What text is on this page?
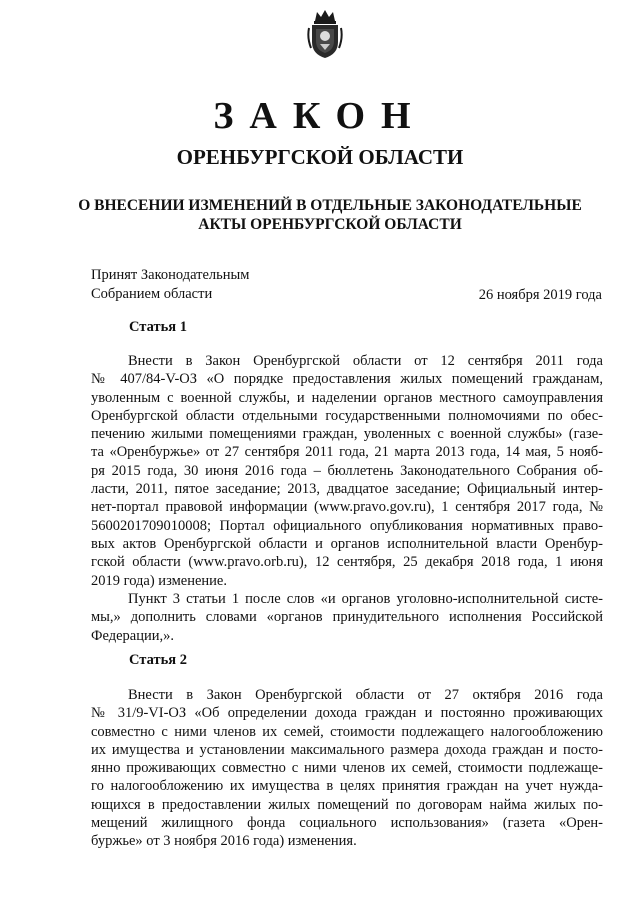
ЗАКОН
ОРЕНБУРГСКОЙ ОБЛАСТИ
О ВНЕСЕНИИ ИЗМЕНЕНИЙ В ОТДЕЛЬНЫЕ ЗАКОНОДАТЕЛЬНЫЕ
АКТЫ ОРЕНБУРГСКОЙ ОБЛАСТИ
Принят Законодательным
Собранием области	26 ноября 2019 года
Статья 1
Внести в Закон Оренбургской области от 12 сентября 2011 года
№ 407/84-V-ОЗ «О порядке предоставления жилых помещений гражданам,
уволенным с военной службы, и наделении органов местного самоуправления
Оренбургской области отдельными государственными полномочиями по обес-
печению жилыми помещениями граждан, уволенных с военной службы» (газе-
та «Оренбуржье» от 27 сентября 2011 года, 21 марта 2013 года, 14 мая, 5 нояб-
ря 2015 года, 30 июня 2016 года – бюллетень Законодательного Собрания об-
ласти, 2011, пятое заседание; 2013, двадцатое заседание; Официальный интер-
нет-портал правовой информации (www.pravo.gov.ru), 1 сентября 2017 года, №
5600201709010008; Портал официального опубликования нормативных право-
вых актов Оренбургской области и органов исполнительной власти Оренбур-
гской области (www.pravo.orb.ru), 12 сентября, 25 декабря 2018 года, 1 июня
2019 года) изменение.
Пункт 3 статьи 1 после слов «и органов уголовно-исполнительной систе-
мы,» дополнить словами «органов принудительного исполнения Российской
Федерации,».
Статья 2
Внести в Закон Оренбургской области от 27 октября 2016 года
№ 31/9-VI-ОЗ «Об определении дохода граждан и постоянно проживающих
совместно с ними членов их семей, стоимости подлежащего налогообложению
их имущества и установлении максимального размера дохода граждан и посто-
янно проживающих совместно с ними членов их семей, стоимости подлежаще-
го налогообложению их имущества в целях принятия граждан на учет нужда-
ющихся в предоставлении жилых помещений по договорам найма жилых по-
мещений жилищного фонда социального использования» (газета «Орен-
буржье» от 3 ноября 2016 года) изменения.
